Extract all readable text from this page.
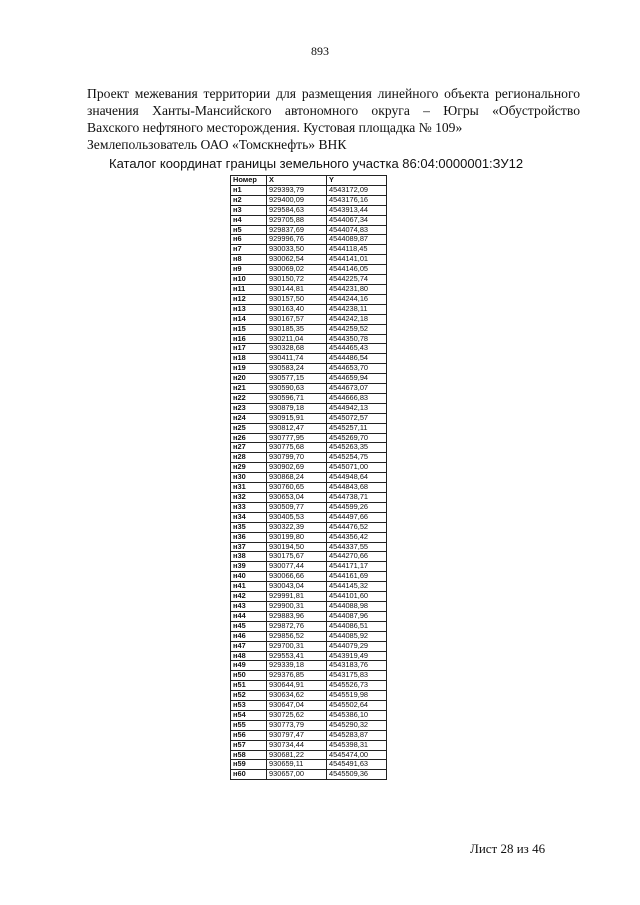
893
Проект межевания территории для размещения линейного объекта регионального
значения Ханты-Мансийского автономного округа – Югры «Обустройство
Вахского нефтяного месторождения. Кустовая площадка № 109»
Землепользователь ОАО «Томскнефть» ВНК
Каталог координат границы земельного участка 86:04:0000001:ЗУ12
Номер	X	Y
н1	929393,79	4543172,09
н2	929400,09	4543176,16
н3	929584,63	4543913,44
н4	929705,88	4544067,34
н5	929837,69	4544074,83
н6	929996,76	4544089,87
н7	930033,50	4544118,45
н8	930062,54	4544141,01
н9	930069,02	4544146,05
н10	930150,72	4544225,74
н11	930144,81	4544231,80
н12	930157,50	4544244,16
н13	930163,40	4544238,11
н14	930167,57	4544242,18
н15	930185,35	4544259,52
н16	930211,04	4544350,78
н17	930328,68	4544465,43
н18	930411,74	4544486,54
н19	930583,24	4544653,70
н20	930577,15	4544659,94
н21	930590,63	4544673,07
н22	930596,71	4544666,83
н23	930879,18	4544942,13
н24	930915,91	4545072,57
н25	930812,47	4545257,11
н26	930777,95	4545269,70
н27	930775,68	4545263,35
н28	930799,70	4545254,75
н29	930902,69	4545071,00
н30	930868,24	4544948,64
н31	930760,65	4544843,68
н32	930653,04	4544738,71
н33	930509,77	4544599,26
н34	930405,53	4544497,66
н35	930322,39	4544476,52
н36	930199,80	4544356,42
н37	930194,50	4544337,55
н38	930175,67	4544270,66
н39	930077,44	4544171,17
н40	930066,66	4544161,69
н41	930043,04	4544145,32
н42	929991,81	4544101,60
н43	929900,31	4544088,98
н44	929883,96	4544087,96
н45	929872,76	4544086,51
н46	929856,52	4544085,92
н47	929700,31	4544079,29
н48	929553,41	4543919,49
н49	929339,18	4543183,76
н50	929376,85	4543175,83
н51	930644,91	4545526,73
н52	930634,62	4545519,98
н53	930647,04	4545502,64
н54	930725,62	4545386,10
н55	930773,79	4545290,32
н56	930797,47	4545283,87
н57	930734,44	4545398,31
н58	930681,22	4545474,00
н59	930659,11	4545491,63
н60	930657,00	4545509,36
Лист 28 из 46
